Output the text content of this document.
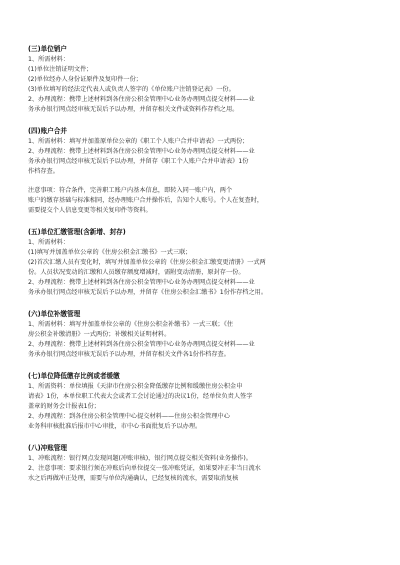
(三)单位销户

1、所需材料：

(1)单位注销证明文件；

(2)单位经办人身份证原件及复印件一份；

(3)单位填写的经法定代表人或负责人签字的《单位账户注销登记表》一份。

2、办理流程：携带上述材料到各住房公积金管理中心业务办理网点提交材料——业

务承办银行网点经审核无误后予以办理，并留存相关文件或资料作存档之用。

(四)账户合并

1、所需材料：填写并加盖原单位公章的《职工个人账户合并申请表》一式两份；

2、办理流程：携带上述材料到各住房公积金管理中心业务办理网点提交材料——业

务承办银行网点经审核无误后予以办理，并留存《职工个人账户合并申请表》1份

作档存查。

注意事项：符合条件，完善职工账户内基本信息，即转入同一账户内，两个

账户的缴存基础与标准相同，经办理账户合并操作后，告知个人账号。个人在复查时，

需要提交个人信息变更等相关复印件等资料。

(五)单位汇缴管理(含新增、封存)

1、所需材料：

(1)填写并加盖单位公章的《住房公积金汇缴书》一式三联；

(2)首次汇缴人员有变化时，填写并加盖单位公章的《住房公积金汇缴变更清册》一式两

份。人员状况变动的汇缴和人员缴存额度增减时，需附变动清册，原封存一份。

2、办理流程：携带上述材料到各住房公积金管理中心业务办理网点提交材料——业

务承办银行网点经审核无误后予以办理，并留存《住房公积金汇缴书》1份作存档之用。

(六)单位补缴管理

1、所需材料：填写并加盖单位公章的《住房公积金补缴书》一式三联；《住

房公积金补缴清册》一式两份；补缴相关证明材料。

2、办理流程：携带上述材料到各住房公积金管理中心业务办理网点提交材料——业

务承办银行网点经审核无误后予以办理，并留存相关文件各1份作档存查。

(七)单位降低缴存比例或者缓缴

1、所需资料：单位填报《天津市住房公积金降低缴存比例和缓缴住房公积金申

请表》1份，本单位职工代表大会或者工会讨论通过的决议1份，经单位负责人签字

盖章的财务会计报表1份；

2、办理流程：到各住房公积金管理中心提交材料——住房公积金管理中心

业务科审核批准后报市中心审批，市中心书面批复后予以办理。

(八)冲账管理

1、冲账流程：银行网点发现问题(冲账审核)，银行网点提交相关资料(业务操作)。

2、注意事项：要求银行须在冲账后向单位提交一张冲账凭证，如果要冲正非当日流水

水之后再做冲正处理，需要与单位沟通确认，已经复核的流水，需要取消复核
